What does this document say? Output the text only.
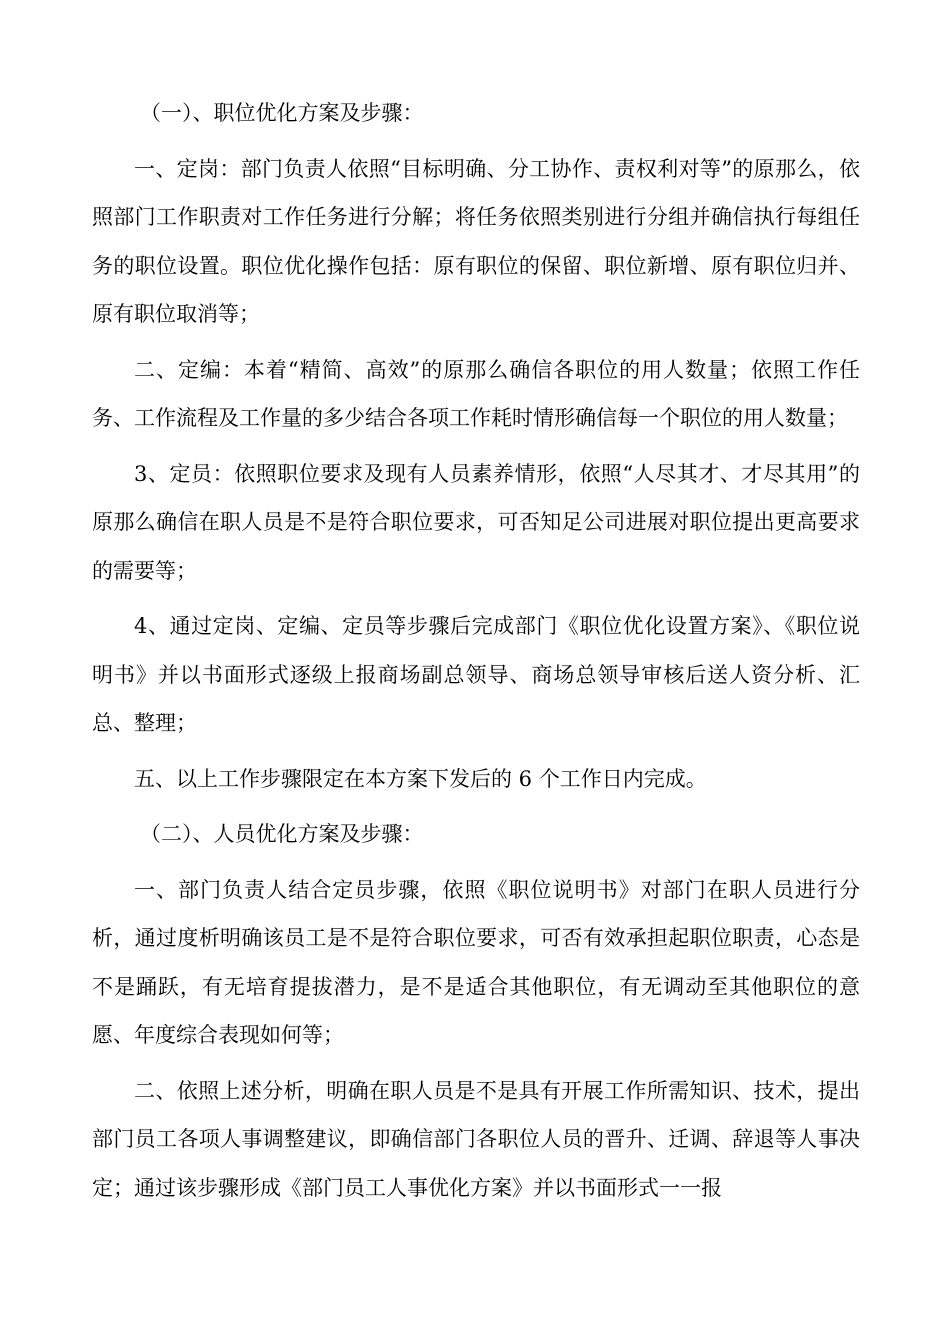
（一）、职位优化方案及步骤：

一、定岗：部门负责人依照“目标明确、分工协作、责权利对等”的原那么，依照部门工作职责对工作任务进行分解；将任务依照类别进行分组并确信执行每组任务的职位设置。职位优化操作包括：原有职位的保留、职位新增、原有职位归并、原有职位取消等；

二、定编：本着“精简、高效”的原那么确信各职位的用人数量；依照工作任务、工作流程及工作量的多少结合各项工作耗时情形确信每一个职位的用人数量；

3、定员：依照职位要求及现有人员素养情形，依照“人尽其才、才尽其用”的原那么确信在职人员是不是符合职位要求，可否知足公司进展对职位提出更高要求的需要等；

4、通过定岗、定编、定员等步骤后完成部门《职位优化设置方案》、《职位说明书》并以书面形式逐级上报商场副总领导、商场总领导审核后送人资分析、汇总、整理；

五、以上工作步骤限定在本方案下发后的 6 个工作日内完成。

（二）、人员优化方案及步骤：

一、部门负责人结合定员步骤，依照《职位说明书》对部门在职人员进行分析，通过度析明确该员工是不是符合职位要求，可否有效承担起职位职责，心态是不是踊跃，有无培育提拔潜力，是不是适合其他职位，有无调动至其他职位的意愿、年度综合表现如何等；

二、依照上述分析，明确在职人员是不是具有开展工作所需知识、技术，提出部门员工各项人事调整建议，即确信部门各职位人员的晋升、迁调、辞退等人事决定；通过该步骤形成《部门员工人事优化方案》并以书面形式一一报
